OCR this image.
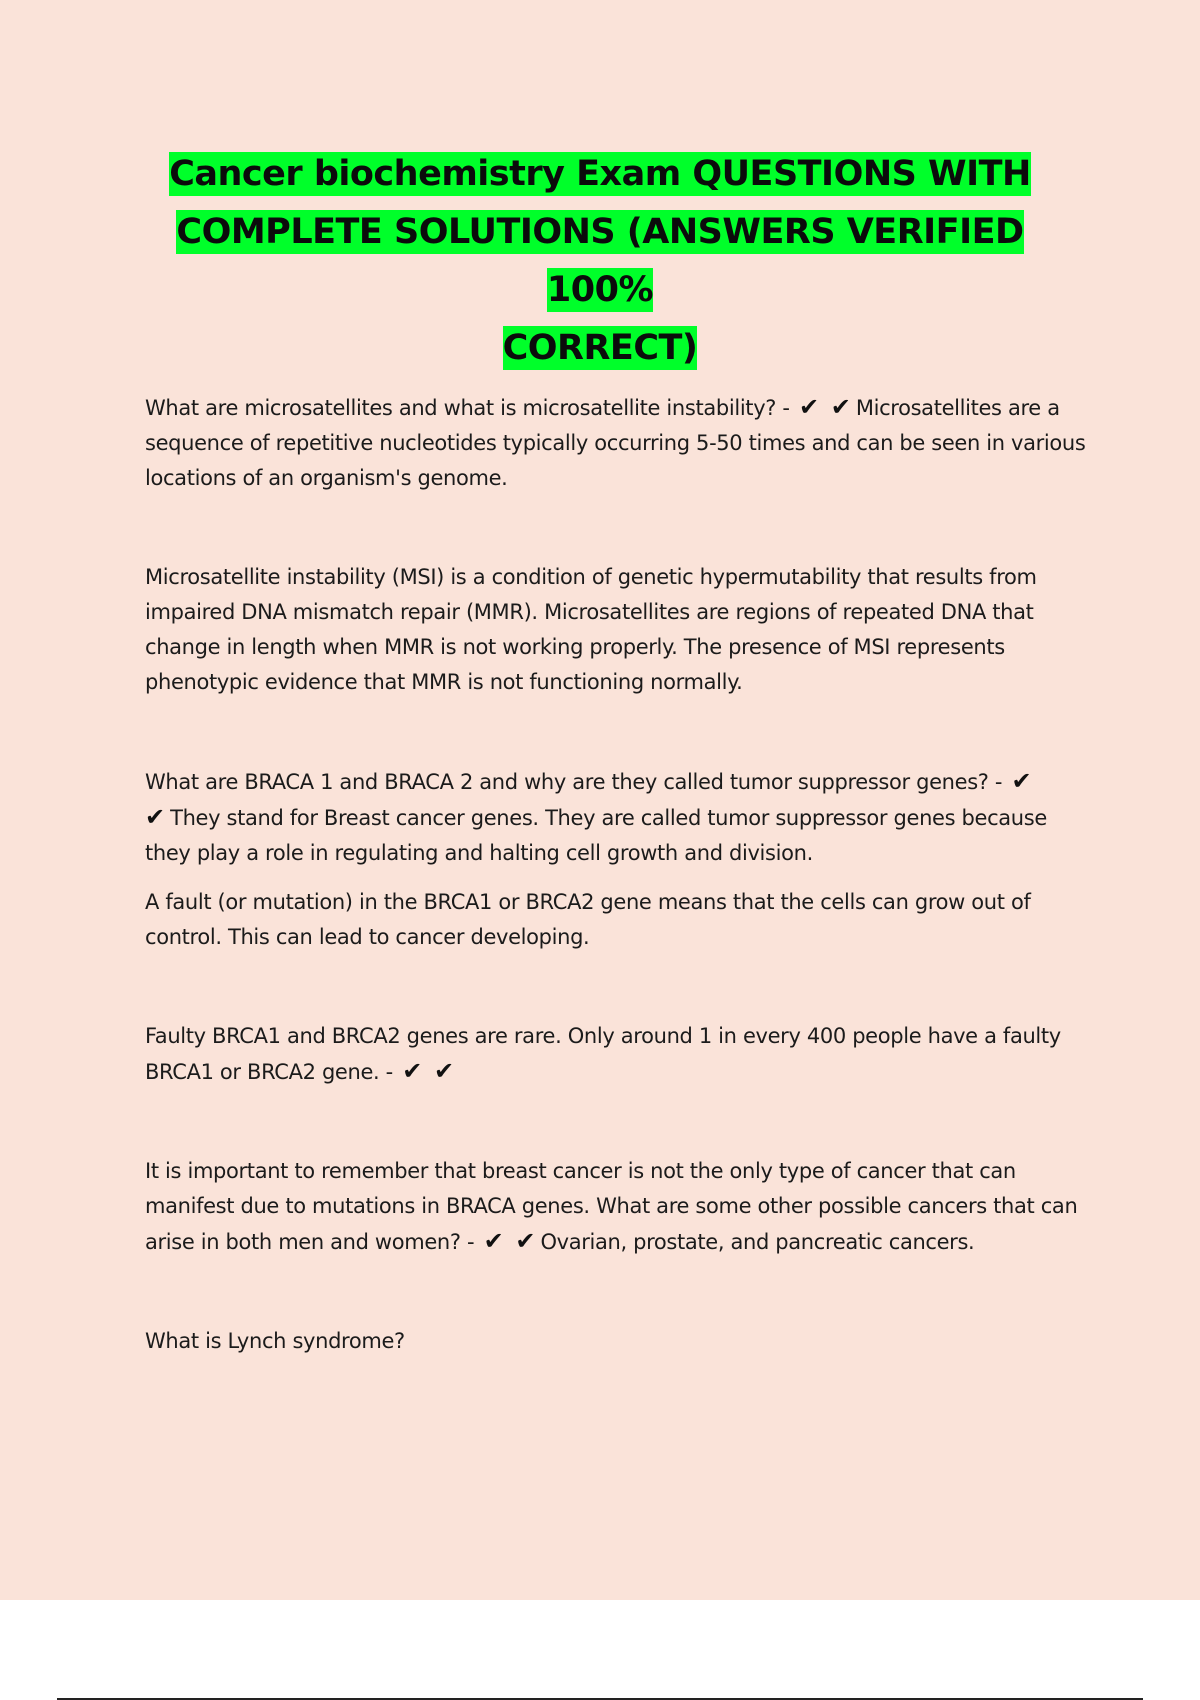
Cancer biochemistry Exam QUESTIONS WITH
COMPLETE SOLUTIONS (ANSWERS VERIFIED 100%
CORRECT)

What are microsatellites and what is microsatellite instability? - ✔ ✔ Microsatellites are a sequence of repetitive nucleotides typically occurring 5-50 times and can be seen in various locations of an organism's genome.

Microsatellite instability (MSI) is a condition of genetic hypermutability that results from impaired DNA mismatch repair (MMR). Microsatellites are regions of repeated DNA that change in length when MMR is not working properly. The presence of MSI represents phenotypic evidence that MMR is not functioning normally.

What are BRACA 1 and BRACA 2 and why are they called tumor suppressor genes? - ✔ ✔ They stand for Breast cancer genes. They are called tumor suppressor genes because they play a role in regulating and halting cell growth and division.

A fault (or mutation) in the BRCA1 or BRCA2 gene means that the cells can grow out of control. This can lead to cancer developing.

Faulty BRCA1 and BRCA2 genes are rare. Only around 1 in every 400 people have a faulty BRCA1 or BRCA2 gene. - ✔ ✔

It is important to remember that breast cancer is not the only type of cancer that can manifest due to mutations in BRACA genes. What are some other possible cancers that can arise in both men and women? - ✔ ✔ Ovarian, prostate, and pancreatic cancers.

What is Lynch syndrome?
